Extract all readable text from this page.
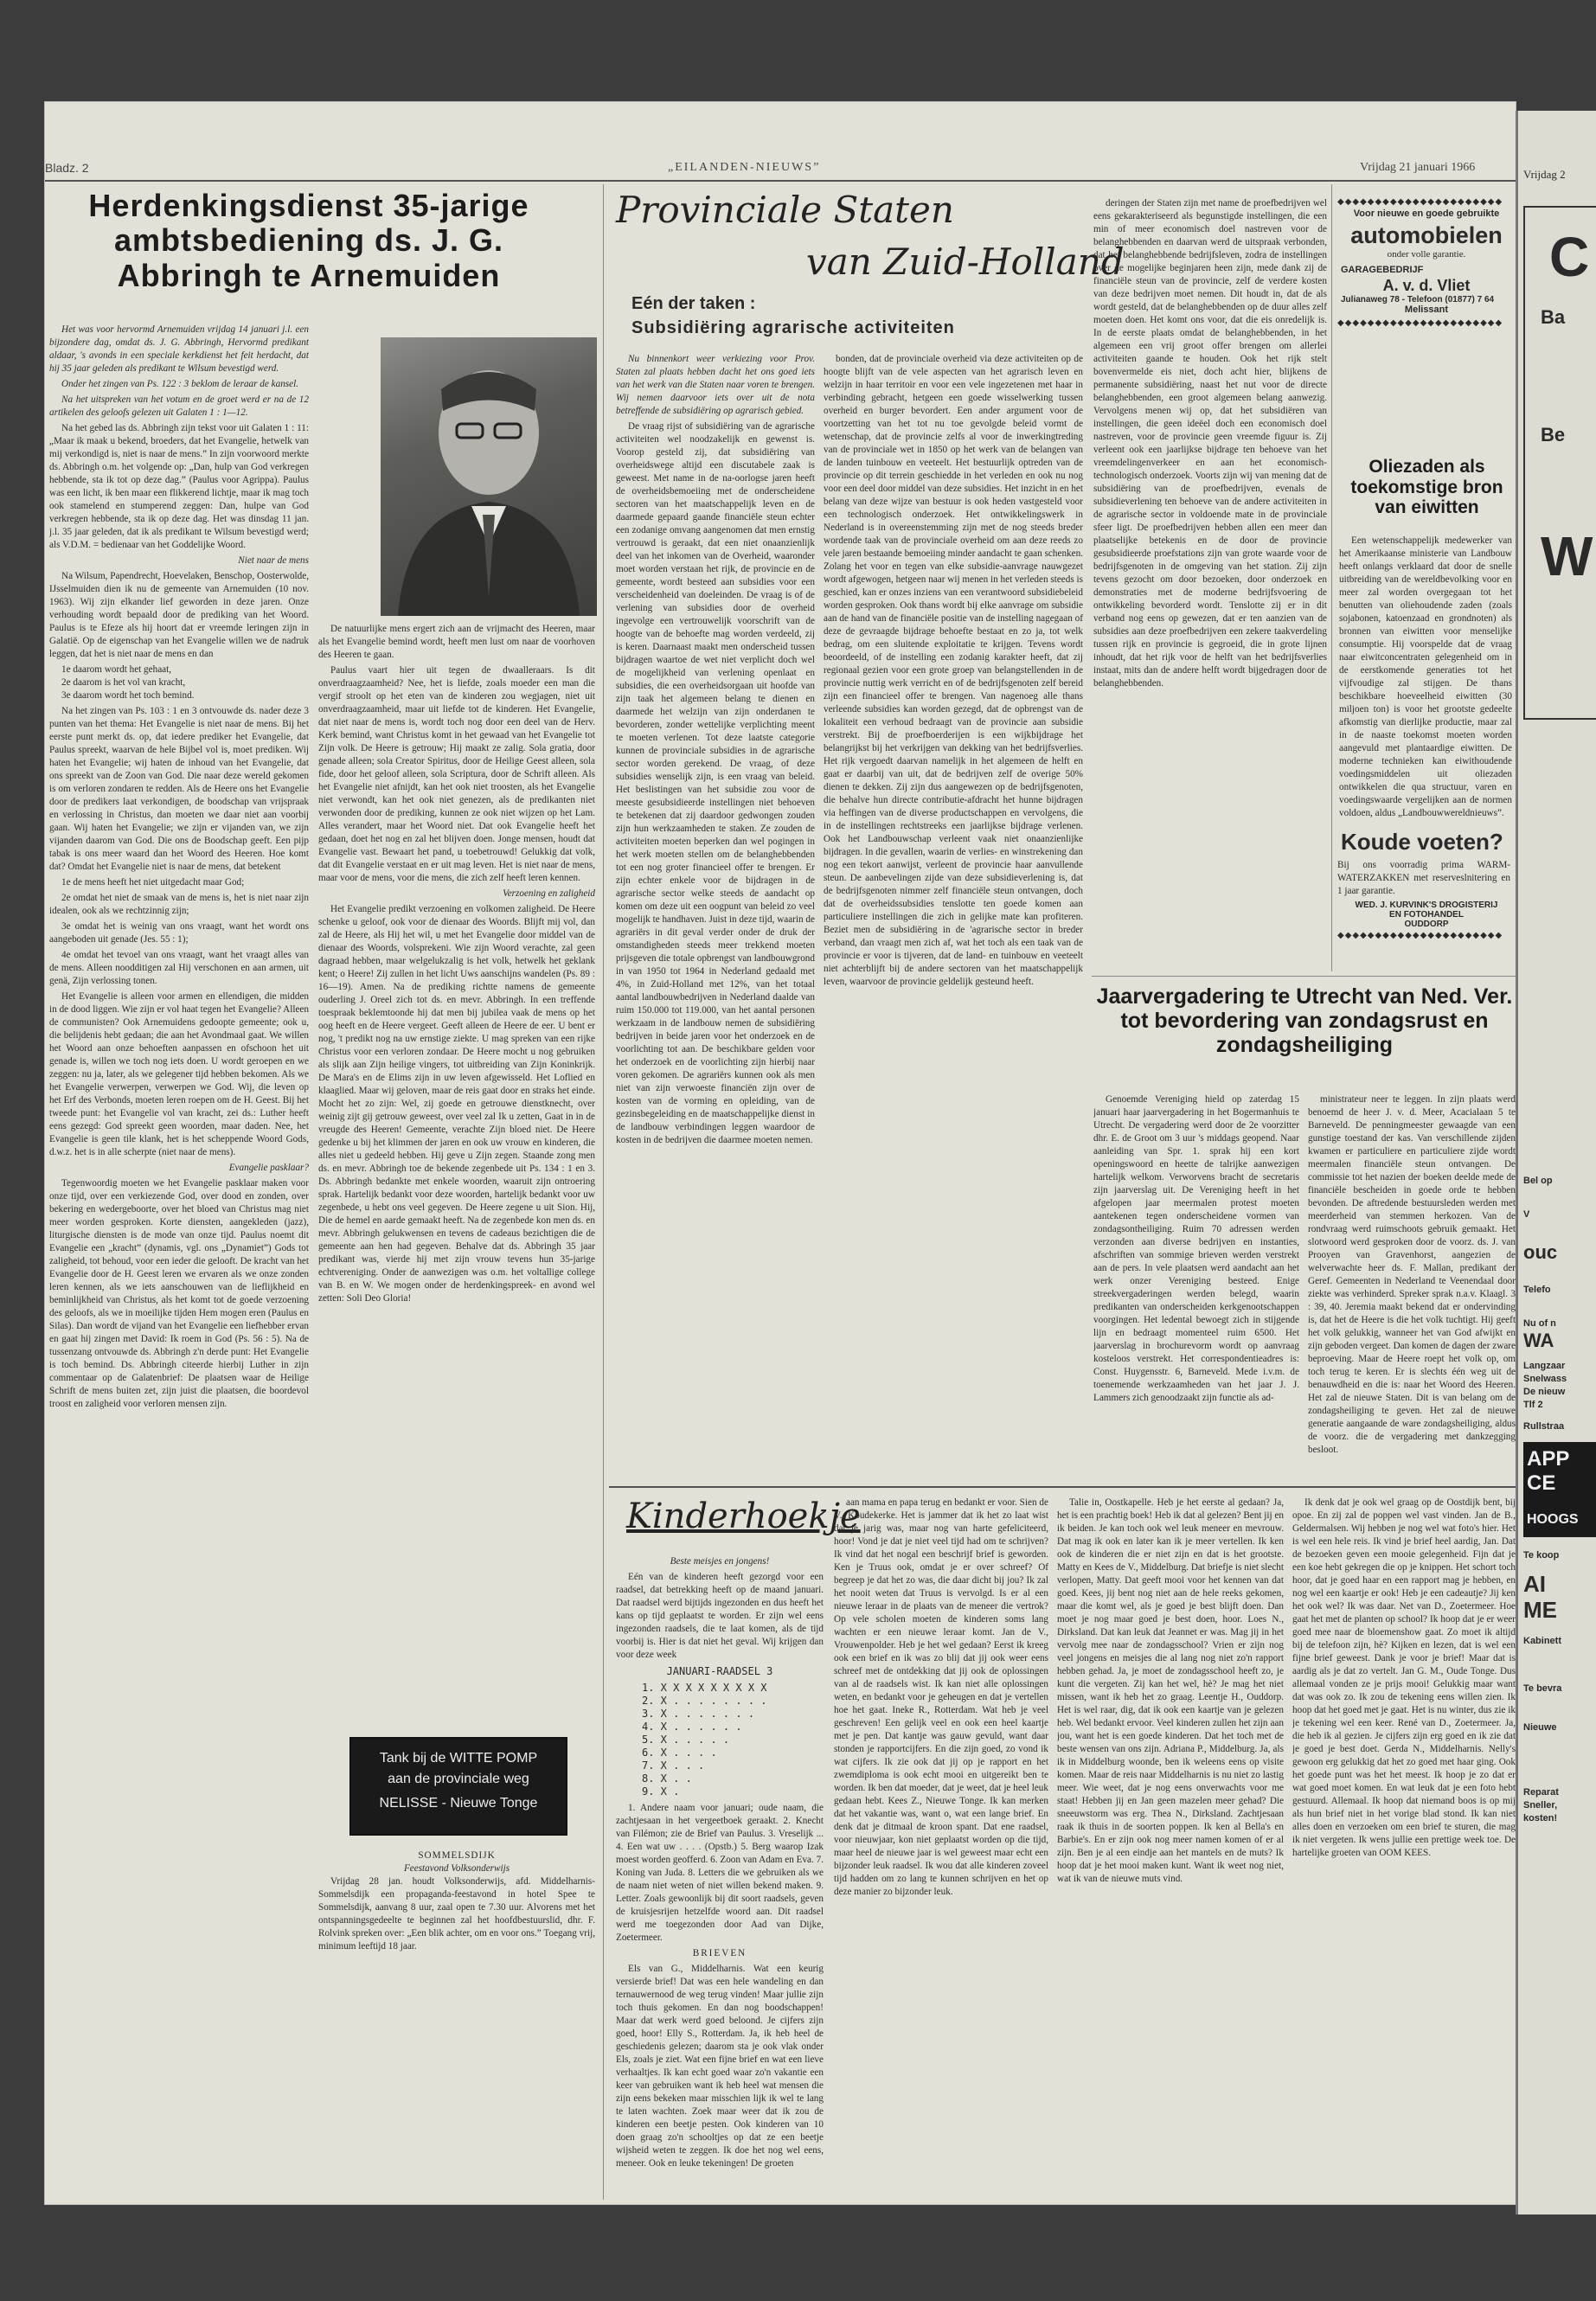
Bladz. 2	„EILANDEN-NIEUWS”	Vrijdag 21 januari 1966
Herdenkingsdienst 35-jarige ambtsbediening ds. J. G. Abbringh te Arnemuiden

Het was voor hervormd Arnemuiden vrijdag 14 januari j.l. een bijzondere dag, omdat ds. J. G. Abbringh, Hervormd predikant aldaar, 's avonds in een speciale kerkdienst het feit herdacht, dat hij 35 jaar geleden als predikant te Wilsum bevestigd werd.

Onder het zingen van Ps. 122 : 3 beklom de leraar de kansel.

Na het uitspreken van het votum en de groet werd er na de 12 artikelen des geloofs gelezen uit Galaten 1 : 1—12.

Na het gebed las ds. Abbringh zijn tekst voor uit Galaten 1 : 11: „Maar ik maak u bekend, broeders, dat het Evangelie, hetwelk van mij verkondigd is, niet is naar de mens.” In zijn voorwoord merkte ds. Abbringh o.m. het volgende op: „Dan, hulp van God verkregen hebbende, sta ik tot op deze dag.” (Paulus voor Agrippa). Paulus was een licht, ik ben maar een flikkerend lichtje, maar ik mag toch ook stamelend en stumperend zeggen: Dan, hulpe van God verkregen hebbende, sta ik op deze dag. Het was dinsdag 11 jan. j.l. 35 jaar geleden, dat ik als predikant te Wilsum bevestigd werd; als V.D.M. = bedienaar van het Goddelijke Woord.

Niet naar de mens

Na Wilsum, Papendrecht, Hoevelaken, Benschop, Oosterwolde, IJsselmuiden dien ik nu de gemeente van Arnemuiden (10 nov. 1963). Wij zijn elkander lief geworden in deze jaren. Onze verhouding wordt bepaald door de prediking van het Woord. Paulus is te Efeze als hij hoort dat er vreemde leringen zijn in Galatië. Op de eigenschap van het Evangelie willen we de nadruk leggen, dat het is niet naar de mens en dan

1e daarom wordt het gehaat,
2e daarom is het vol van kracht,
3e daarom wordt het toch bemind.

Na het zingen van Ps. 103 : 1 en 3 ontvouwde ds. nader deze 3 punten van het thema: Het Evangelie is niet naar de mens. Bij het eerste punt merkt ds. op, dat iedere prediker het Evangelie, dat Paulus spreekt, waarvan de hele Bijbel vol is, moet prediken. Wij haten het Evangelie; wij haten de inhoud van het Evangelie, dat ons spreekt van de Zoon van God. Die naar deze wereld gekomen is om verloren zondaren te redden. Als de Heere ons het Evangelie door de predikers laat verkondigen, de boodschap van vrijspraak en verlossing in Christus, dan moeten we daar niet aan voorbij gaan. Wij haten het Evangelie; we zijn er vijanden van, we zijn vijanden daarom van God. Die ons de Boodschap geeft. Een pijp tabak is ons meer waard dan het Woord des Heeren. Hoe komt dat? Omdat het Evangelie niet is naar de mens, dat betekent

1e de mens heeft het niet uitgedacht maar God;

2e omdat het niet de smaak van de mens is, het is niet naar zijn idealen, ook als we rechtzinnig zijn;

3e omdat het is weinig van ons vraagt, want het wordt ons aangeboden uit genade (Jes. 55 : 1);

4e omdat het tevoel van ons vraagt, want het vraagt alles van de mens. Alleen noodditigen zal Hij verschonen en aan armen, uit genä, Zijn verlossing tonen.

Het Evangelie is alleen voor armen en ellendigen, die midden in de dood liggen. Wie zijn er vol haat tegen het Evangelie? Alleen de communisten? Ook Arnemuidens gedoopte gemeente; ook u, die belijdenis hebt gedaan; die aan het Avondmaal gaat. We willen het Woord aan onze behoeften aanpassen en ofschoon het uit genade is, willen we toch nog iets doen. U wordt geroepen en we zeggen: nu ja, later, als we gelegener tijd hebben bekomen. Als we het Evangelie verwerpen, verwerpen we God. Wij, die leven op het Erf des Verbonds, moeten leren roepen om de H. Geest. Bij het tweede punt: het Evangelie vol van kracht, zei ds.: Luther heeft eens gezegd: God spreekt geen woorden, maar daden. Nee, het Evangelie is geen tile klank, het is het scheppende Woord Gods, d.w.z. het is in alle scherpte (niet naar de mens).

Evangelie pasklaar?

Tegenwoordig moeten we het Evangelie pasklaar maken voor onze tijd, over een verkiezende God, over dood en zonden, over bekering en wedergeboorte, over het bloed van Christus mag niet meer worden gesproken. Korte diensten, aangekleden (jazz), liturgische diensten is de mode van onze tijd. Paulus noemt dit Evangelie een „kracht” (dynamis, vgl. ons „Dynamiet”) Gods tot zaligheid, tot behoud, voor een ieder die gelooft. De kracht van het Evangelie door de H. Geest leren we ervaren als we onze zonden leren kennen, als we iets aanschouwen van de lieflijkheid en beminlijkheid van Christus, als het komt tot de goede verzoening des geloofs, als we in moeilijke tijden Hem mogen eren (Paulus en Silas). Dan wordt de vijand van het Evangelie een liefhebber ervan en gaat hij zingen met David: Ik roem in God (Ps. 56 : 5). Na de tussenzang ontvouwde ds. Abbringh z'n derde punt: Het Evangelie is toch bemind. Ds. Abbringh citeerde hierbij Luther in zijn commentaar op de Galatenbrief: De plaatsen waar de Heilige Schrift de mens buiten zet, zijn juist die plaatsen, die boordevol troost en zaligheid voor verloren mensen zijn.

De natuurlijke mens ergert zich aan de vrijmacht des Heeren, maar als het Evangelie bemind wordt, heeft men lust om naar de voorhoven des Heeren te gaan.

Paulus vaart hier uit tegen de dwaalleraars. Is dit onverdraagzaamheid? Nee, het is liefde, zoals moeder een man die vergif stroolt op het eten van de kinderen zou wegjagen, niet uit onverdraagzaamheid, maar uit liefde tot de kinderen. Het Evangelie, dat niet naar de mens is, wordt toch nog door een deel van de Herv. Kerk bemind, want Christus komt in het gewaad van het Evangelie tot Zijn volk. De Heere is getrouw; Hij maakt ze zalig. Sola gratia, door genade alleen; sola Creator Spiritus, door de Heilige Geest alleen, sola fide, door het geloof alleen, sola Scriptura, door de Schrift alleen. Als het Evangelie niet afnijdt, kan het ook niet troosten, als het Evangelie niet verwondt, kan het ook niet genezen, als de predikanten niet verwonden door de prediking, kunnen ze ook niet wijzen op het Lam. Alles verandert, maar het Woord niet. Dat ook Evangelie heeft het gedaan, doet het nog en zal het blijven doen. Jonge mensen, houdt dat Evangelie vast. Bewaart het pand, u toebetrouwd! Gelukkig dat volk, dat dit Evangelie verstaat en er uit mag leven. Het is niet naar de mens, maar voor de mens, voor die mens, die zich zelf heeft leren kennen.

Verzoening en zaligheid

Het Evangelie predikt verzoening en volkomen zaligheid. De Heere schenke u geloof, ook voor de dienaar des Woords. Blijft mij vol, dan zal de Heere, als Hij het wil, u met het Evangelie door middel van de dienaar des Woords, volsprekeni. Wie zijn Woord verachte, zal geen dagraad hebben, maar welgelukzalig is het volk, hetwelk het geklank kent; o Heere! Zij zullen in het licht Uws aanschijns wandelen (Ps. 89 : 16—19). Amen. Na de prediking richtte namens de gemeente ouderling J. Oreel zich tot ds. en mevr. Abbringh. In een treffende toespraak beklemtoonde hij dat men bij jubilea vaak de mens op het oog heeft en de Heere vergeet. Geeft alleen de Heere de eer. U bent er nog, 't predikt nog na uw ernstige ziekte. U mag spreken van een rijke Christus voor een verloren zondaar. De Heere mocht u nog gebruiken als slijk aan Zijn heilige vingers, tot uitbreiding van Zijn Koninkrijk. De Mara's en de Elims zijn in uw leven afgewisseld. Het Loflied en klaaglied. Maar wij geloven, maar de reis gaat door en straks het einde. Mocht het zo zijn: Wel, zij goede en getrouwe dienstknecht, over weinig zijt gij getrouw geweest, over veel zal Ik u zetten, Gaat in in de vreugde des Heeren! Gemeente, verachte Zijn bloed niet. De Heere gedenke u bij het klimmen der jaren en ook uw vrouw en kinderen, die alles niet u gedeeld hebben. Hij geve u Zijn zegen. Staande zong men ds. en mevr. Abbringh toe de bekende zegenbede uit Ps. 134 : 1 en 3. Ds. Abbringh bedankte met enkele woorden, waaruit zijn ontroering sprak. Hartelijk bedankt voor deze woorden, hartelijk bedankt voor uw zegenbede, u hebt ons veel gegeven. De Heere zegene u uit Sion. Hij, Die de hemel en aarde gemaakt heeft. Na de zegenbede kon men ds. en mevr. Abbringh gelukwensen en tevens de cadeaus bezichtigen die de gemeente aan hen had gegeven. Behalve dat ds. Abbringh 35 jaar predikant was, vierde hij met zijn vrouw tevens hun 35-jarige echtvereniging. Onder de aanwezigen was o.m. het voltallige college van B. en W. We mogen onder de herdenkingspreek- en avond wel zetten: Soli Deo Gloria!

Tank bij de WITTE POMP
aan de provinciale weg
NELISSE - Nieuwe Tonge
SOMMELSDIJK
Feestavond Volksonderwijs

Vrijdag 28 jan. houdt Volksonderwijs, afd. Middelharnis-Sommelsdijk een propaganda-feestavond in hotel Spee te Sommelsdijk, aanvang 8 uur, zaal open te 7.30 uur. Alvorens met het ontspanningsgedeelte te beginnen zal het hoofdbestuurslid, dhr. F. Rolvink spreken over: „Een blik achter, om en voor ons.” Toegang vrij, minimum leeftijd 18 jaar.

Provinciale Staten
van Zuid-Holland
Eén der taken :
Subsidiëring agrarische activiteiten

Nu binnenkort weer verkiezing voor Prov. Staten zal plaats hebben dacht het ons goed iets van het werk van die Staten naar voren te brengen. Wij nemen daarvoor iets over uit de nota betreffende de subsidiëring op agrarisch gebied.

De vraag rijst of subsidiëring van de agrarische activiteiten wel noodzakelijk en gewenst is. Voorop gesteld zij, dat subsidiëring van overheidswege altijd een discutabele zaak is geweest. Met name in de na-oorlogse jaren heeft de overheidsbemoeiing met de onderscheidene sectoren van het maatschappelijk leven en de daarmede gepaard gaande financiële steun echter een zodanige omvang aangenomen dat men ernstig vertrouwd is geraakt, dat een niet onaanzienlijk deel van het inkomen van de Overheid, waaronder moet worden verstaan het rijk, de provincie en de gemeente, wordt besteed aan subsidies voor een verscheidenheid van doeleinden. De vraag is of de verlening van subsidies door de overheid ingevolge een vertrouwelijk voorschrift van de hoogte van de behoefte mag worden verdeeld, zij is keren. Daarnaast maakt men onderscheid tussen bijdragen waartoe de wet niet verplicht doch wel de mogelijkheid van verlening openlaat en subsidies, die een overheidsorgaan uit hoofde van zijn taak het algemeen belang te dienen en daarmede het welzijn van zijn onderdanen te bevorderen, zonder wettelijke verplichting meent te moeten verlenen. Tot deze laatste categorie kunnen de provinciale subsidies in de agrarische sector worden gerekend. De vraag, of deze subsidies wenselijk zijn, is een vraag van beleid. Het beslistingen van het subsidie zou voor de meeste gesubsidieerde instellingen niet behoeven te betekenen dat zij daardoor gedwongen zouden zijn hun werkzaamheden te staken. Ze zouden de activiteiten moeten beperken dan wel pogingen in het werk moeten stellen om de belanghebbenden tot een nog groter financieel offer te brengen. Er zijn echter enkele voor de bijdragen in de agrarische sector welke steeds de aandacht op komen om deze uit een oogpunt van beleid zo veel mogelijk te handhaven. Juist in deze tijd, waarin de agrariërs in dit geval verder onder de druk der omstandigheden steeds meer trekkend moeten prijsgeven die totale opbrengst van landbouwgrond in van 1950 tot 1964 in Nederland gedaald met 4%, in Zuid-Holland met 12%, van het totaal aantal landbouwbedrijven in Nederland daalde van ruim 150.000 tot 119.000, van het aantal personen werkzaam in de landbouw nemen de subsidiëring bedrijven in beide jaren voor het onderzoek en de voorlichting tot aan. De beschikbare gelden voor het onderzoek en de voorlichting zijn hierbij naar voren gekomen. De agrariërs kunnen ook als men niet van zijn verwoeste financiën zijn over de kosten van de vorming en opleiding, van de gezinsbegeleiding en de maatschappelijke dienst in de landbouw verbindingen leggen waardoor de kosten in de bedrijven die daarmee moeten nemen.

bonden, dat de provinciale overheid via deze activiteiten op de hoogte blijft van de vele aspecten van het agrarisch leven en welzijn in haar territoir en voor een vele ingezetenen met haar in verbinding gebracht, hetgeen een goede wisselwerking tussen overheid en burger bevordert. Een ander argument voor de voortzetting van het tot nu toe gevolgde beleid vormt de wetenschap, dat de provincie zelfs al voor de inwerkingtreding van de provinciale wet in 1850 op het werk van de belangen van de landen tuinbouw en veeteelt. Het bestuurlijk optreden van de provincie op dit terrein geschiedde in het verleden en ook nu nog voor een deel door middel van deze subsidies. Het inzicht in en het belang van deze wijze van bestuur is ook heden vastgesteld voor een technologisch onderzoek. Het ontwikkelingswerk in Nederland is in overeenstemming zijn met de nog steeds breder wordende taak van de provinciale overheid om aan deze reeds zo vele jaren bestaande bemoeiing minder aandacht te gaan schenken. Zolang het voor en tegen van elke subsidie-aanvrage nauwgezet wordt afgewogen, hetgeen naar wij menen in het verleden steeds is geschied, kan er onzes inziens van een verantwoord subsidiebeleid worden gesproken. Ook thans wordt bij elke aanvrage om subsidie aan de hand van de financiële positie van de instelling nagegaan of deze de gevraagde bijdrage behoefte bestaat en zo ja, tot welk bedrag, om een sluitende exploitatie te krijgen. Tevens wordt beoordeeld, of de instelling een zodanig karakter heeft, dat zij regionaal gezien voor een grote groep van belangstellenden in de provincie nuttig werk verricht en of de bedrijfsgenoten zelf bereid zijn een financieel offer te brengen. Van nagenoeg alle thans verleende subsidies kan worden gezegd, dat de opbrengst van de lokaliteit een verhoud bedraagt van de provincie aan subsidie verstrekt. Bij de proefboerderijen is een wijkbijdrage het belangrijkst bij het verkrijgen van dekking van het bedrijfsverlies. Het rijk vergoedt daarvan namelijk in het algemeen de helft en gaat er daarbij van uit, dat de bedrijven zelf de overige 50% dienen te dekken. Zij zijn dus aangewezen op de bedrijfsgenoten, die behalve hun directe contributie-afdracht het hunne bijdragen via heffingen van de diverse productschappen en vervolgens, die in de instellingen rechtstreeks een jaarlijkse bijdrage verlenen. Ook het Landbouwschap verleent vaak niet onaanzienlijke bijdragen. In die gevallen, waarin de verlies- en winstrekening dan nog een tekort aanwijst, verleent de provincie haar aanvullende steun. De aanbevelingen zijde van deze subsidieverlening is, dat de bedrijfsgenoten nimmer zelf financiële steun ontvangen, doch dat de overheidssubsidies tenslotte ten goede komen aan particuliere instellingen die zich in gelijke mate kan profiteren. Beziet men de subsidiëring in de 'agrarische sector in breder verband, dan vraagt men zich af, wat het toch als een taak van de provincie er voor is tijveren, dat de land- en tuinbouw en veeteelt niet achterblijft bij de andere sectoren van het maatschappelijk leven, waarvoor de provincie geldelijk gesteund heeft.

deringen der Staten zijn met name de proefbedrijven wel eens gekarakteriseerd als begunstigde instellingen, die een min of meer economisch doel nastreven voor de belanghebbenden en daarvan werd de uitspraak verbonden, dat het belanghebbende bedrijfsleven, zodra de instellingen over de mogelijke beginjaren heen zijn, mede dank zij de financiële steun van de provincie, zelf de verdere kosten van deze bedrijven moet nemen. Dit houdt in, dat de als wordt gesteld, dat de belanghebbenden op de duur alles zelf moeten doen. Het komt ons voor, dat die eis onredelijk is. In de eerste plaats omdat de belanghebbenden, in het algemeen een vrij groot offer brengen om allerlei activiteiten gaande te houden. Ook het rijk stelt bovenvermelde eis niet, doch acht hier, blijkens de permanente subsidiëring, naast het nut voor de directe belanghebbenden, een groot algemeen belang aanwezig. Vervolgens menen wij op, dat het subsidiëren van instellingen, die geen ideëel doch een economisch doel nastreven, voor de provincie geen vreemde figuur is. Zij verleent ook een jaarlijkse bijdrage ten behoeve van het vreemdelingenverkeer en aan het economisch-technologisch onderzoek. Voorts zijn wij van mening dat de subsidiëring van de proefbedrijven, evenals de subsidieverlening ten behoeve van de andere activiteiten in de agrarische sector in voldoende mate in de provinciale sfeer ligt. De proefbedrijven hebben allen een meer dan plaatselijke betekenis en de door de provincie gesubsidieerde proefstations zijn van grote waarde voor de bedrijfsgenoten in de omgeving van het station. Zij zijn tevens gezocht om door bezoeken, door onderzoek en demonstraties met de moderne bedrijfsvoering de ontwikkeling bevorderd wordt. Tenslotte zij er in dit verband nog eens op gewezen, dat er ten aanzien van de subsidies aan deze proefbedrijven een zekere taakverdeling tussen rijk en provincie is gegroeid, die in grote lijnen inhoudt, dat het rijk voor de helft van het bedrijfsverlies instaat, mits dan de andere helft wordt bijgedragen door de belanghebbenden.

◆◆◆◆◆◆◆◆◆◆◆◆◆◆◆◆◆◆◆◆◆◆
Voor nieuwe en goede gebruikte
automobielen
onder volle garantie.
GARAGEBEDRIJF
A. v. d. Vliet
Julianaweg 78 - Telefoon (01877) 7 64
Melissant
◆◆◆◆◆◆◆◆◆◆◆◆◆◆◆◆◆◆◆◆◆◆
Oliezaden als toekomstige bron van eiwitten

Een wetenschappelijk medewerker van het Amerikaanse ministerie van Landbouw heeft onlangs verklaard dat door de snelle uitbreiding van de wereldbevolking voor en meer zal worden overgegaan tot het benutten van oliehoudende zaden (zoals sojabonen, katoenzaad en grondnoten) als bronnen van eiwitten voor menselijke consumptie. Hij voorspelde dat de vraag naar eiwitconcentraten gelegenheid om in de eerstkomende generaties tot het vijfvoudige zal stijgen. De thans beschikbare hoeveelheid eiwitten (30 miljoen ton) is voor het grootste gedeelte afkomstig van dierlijke productie, maar zal in de naaste toekomst moeten worden aangevuld met plantaardige eiwitten. De moderne technieken kan eiwithoudende voedingsmiddelen uit oliezaden ontwikkelen die qua structuur, varen en voedingswaarde vergelijken aan de normen voldoen, aldus „Landbouwwereldnieuws”.

Koude voeten?
Bij ons voorradig prima WARM-WATERZAKKEN met reserveslnitering en 1 jaar garantie.
WED. J. KURVINK'S DROGISTERIJ
EN FOTOHANDEL
OUDDORP
◆◆◆◆◆◆◆◆◆◆◆◆◆◆◆◆◆◆◆◆◆◆
Jaarvergadering te Utrecht van Ned. Ver. tot bevordering van zondagsrust en zondagsheiliging

Genoemde Vereniging hield op zaterdag 15 januari haar jaarvergadering in het Bogermanhuis te Utrecht. De vergadering werd door de 2e voorzitter dhr. E. de Groot om 3 uur 's middags geopend. Naar aanleiding van Spr. 1. sprak hij een kort openingswoord en heette de talrijke aanwezigen hartelijk welkom. Verworvens bracht de secretaris zijn jaarverslag uit. De Vereniging heeft in het afgelopen jaar meermalen protest moeten aantekenen tegen onderscheidene vormen van zondagsontheiliging. Ruim 70 adressen werden verzonden aan diverse bedrijven en instanties, afschriften van sommige brieven werden verstrekt aan de pers. In vele plaatsen werd aandacht aan het werk onzer Vereniging besteed. Enige streekvergaderingen werden belegd, waarin predikanten van onderscheiden kerkgenootschappen voorgingen. Het ledental bewoegt zich in stijgende lijn en bedraagt momenteel ruim 6500. Het jaarverslag in brochurevorm wordt op aanvraag kosteloos verstrekt. Het correspondentieadres is: Const. Huygensstr. 6, Barneveld. Mede i.v.m. de toenemende werkzaamheden van het jaar J. J. Lammers zich genoodzaakt zijn functie als ad-

ministrateur neer te leggen. In zijn plaats werd benoemd de heer J. v. d. Meer, Acacialaan 5 te Barneveld. De penningmeester gewaagde van een gunstige toestand der kas. Van verschillende zijden kwamen er particuliere en particuliere zijde wordt meermalen financiële steun ontvangen. De commissie tot het nazien der boeken deelde mede de financiële bescheiden in goede orde te hebben bevonden. De aftredende bestuursleden werden met meerderheid van stemmen herkozen. Van de rondvraag werd ruimschoots gebruik gemaakt. Het slotwoord werd gesproken door de voorz. ds. J. van Prooyen van Gravenhorst, aangezien de welverwachte heer ds. F. Mallan, predikant der Geref. Gemeenten in Nederland te Veenendaal door ziekte was verhinderd. Spreker sprak n.a.v. Klaagl. 3 : 39, 40. Jeremia maakt bekend dat er ondervinding is, dat het de Heere is die het volk tuchtigt. Hij geeft het volk gelukkig, wanneer het van God afwijkt en zijn geboden vergeet. Dan komen de dagen der zware beproeving. Maar de Heere roept het volk op, om toch terug te keren. Er is slechts één weg uit de benauwdheid en die is: naar het Woord des Heeren. Het zal de nieuwe Staten. Dit is van belang om de zondagsheiliging te geven. Het zal de nieuwe generatie aangaande de ware zondagsheiliging, aldus de voorz. die de vergadering met dankzegging besloot.

Kinderhoekje
Beste meisjes en jongens!

Eén van de kinderen heeft gezorgd voor een raadsel, dat betrekking heeft op de maand januari. Dat raadsel werd bijtijds ingezonden en dus heeft het kans op tijd geplaatst te worden. Er zijn wel eens ingezonden raadsels, die te laat komen, als de tijd voorbij is. Hier is dat niet het geval. Wij krijgen dan voor deze week

JANUARI-RAADSEL 3
1. X X X X X X X X X
2. X . . . . . . . .
3. X . . . . . . .
4. X . . . . . .
5. X . . . . .
6. X . . . .
7. X . . .
8. X . .
9. X .

1. Andere naam voor januari; oude naam, die zachtjesaan in het vergeetboek geraakt. 2. Knecht van Filémon; zie de Brief van Paulus. 3. Vreselijk ... 4. Een wat uw . . . . (Opstb.) 5. Berg waarop Izak moest worden geofferd. 6. Zoon van Adam en Eva. 7. Koning van Juda. 8. Letters die we gebruiken als we de naam niet weten of niet willen bekend maken. 9. Letter. Zoals gewoonlijk bij dit soort raadsels, geven de kruisjesrijen hetzelfde woord aan. Dit raadsel werd me toegezonden door Aad van Dijke, Zoetermeer.

BRIEVEN

Els van G., Middelharnis. Wat een keurig versierde brief! Dat was een hele wandeling en dan ternauwernood de weg terug vinden! Maar jullie zijn toch thuis gekomen. En dan nog boodschappen! Maar dat werk werd goed beloond. Je cijfers zijn goed, hoor! Elly S., Rotterdam. Ja, ik heb heel de geschiedenis gelezen; daarom sta je ook vlak onder Els, zoals je ziet. Wat een fijne brief en wat een lieve verhaaltjes. Ik kan echt goed waar zo'n vakantie een keer van gebruiken want ik heb heel wat mensen die zijn eens bekeken maar misschien lijk ik wel te lang te laten wachten. Zoek maar weer dat ik zou de kinderen een beetje pesten. Ook kinderen van 10 doen graag zo'n schooltjes op dat ze een beetje wijsheid weten te zeggen. Ik doe het nog wel eens, meneer. Ook en leuke tekeningen! De groeten

aan mama en papa terug en bedankt er voor. Sien de V., Koudekerke. Het is jammer dat ik het zo laat wist dat je jarig was, maar nog van harte gefeliciteerd, hoor! Vond je dat je niet veel tijd had om te schrijven? Ik vind dat het nogal een beschrijf brief is geworden. Ken je Truus ook, omdat je er over schreef? Of begreep je dat het zo was, die daar dicht bij jou? Ik zal het nooit weten dat Truus is vervolgd. Is er al een nieuwe leraar in de plaats van de meneer die vertrok? Op vele scholen moeten de kinderen soms lang wachten er een nieuwe leraar komt. Jan de V., Vrouwenpolder. Heb je het wel gedaan? Eerst ik kreeg ook een brief en ik was zo blij dat jij ook weer eens schreef met de ontdekking dat jij ook de oplossingen van al de raadsels wist. Ik kan niet alle oplossingen weten, en bedankt voor je geheugen en dat je vertellen hoe het gaat. Ineke R., Rotterdam. Wat heb je veel geschreven! Een gelijk veel en ook een heel kaartje met je pen. Dat kantje was gauw gevuld, want daar stonden je rapportcijfers. En die zijn goed, zo vond ik wat cijfers. Ik zie ook dat jij op je rapport en het zwemdiploma is ook echt mooi en uitgereikt ben te worden. Ik ben dat moeder, dat je weet, dat je heel leuk gedaan hebt. Kees Z., Nieuwe Tonge. Ik kan merken dat het vakantie was, want o, wat een lange brief. En denk dat je ditmaal de kroon spant. Dat ene raadsel, voor nieuwjaar, kon niet geplaatst worden op die tijd, maar heel de nieuwe jaar is wel geweest maar echt een bijzonder leuk raadsel. Ik wou dat alle kinderen zoveel tijd hadden om zo lang te kunnen schrijven en het op deze manier zo bijzonder leuk.

Talie in, Oostkapelle. Heb je het eerste al gedaan? Ja, het is een prachtig boek! Heb ik dat al gelezen? Bent jij en ik beiden. Je kan toch ook wel leuk meneer en mevrouw. Dat mag ik ook en later kan ik je meer vertellen. Ik ken ook de kinderen die er niet zijn en dat is het grootste. Matty en Kees de V., Middelburg. Dat briefje is niet slecht verlopen, Matty. Dat geeft mooi voor het kennen van dat goed. Kees, jij bent nog niet aan de hele reeks gekomen, maar die komt wel, als je goed je best blijft doen. Dan moet je nog maar goed je best doen, hoor. Loes N., Dirksland. Dat kan leuk dat Jeannet er was. Mag jij in het vervolg mee naar de zondagsschool? Vrien er zijn nog veel jongens en meisjes die al lang nog niet zo'n rapport hebben gehad. Ja, je moet de zondagsschool heeft zo, je kunt die vergeten. Zij kan het wel, hè? Je mag het niet missen, want ik heb het zo graag. Leentje H., Ouddorp. Het is wel raar, dig, dat ik ook een kaartje van je gelezen heb. Wel bedankt ervoor. Veel kinderen zullen het zijn aan jou, want het is een goede kinderen. Dat het toch met de beste wensen van ons zijn. Adriana P., Middelburg. Ja, als ik in Middelburg woonde, ben ik weleens eens op visite komen. Maar de reis naar Middelharnis is nu niet zo lastig meer. Wie weet, dat je nog eens onverwachts voor me staat! Hebben jij en Jan geen mazelen meer gehad? Die sneeuwstorm was erg. Thea N., Dirksland. Zachtjesaan raak ik thuis in de soorten poppen. Ik ken al Bella's en Barbie's. En er zijn ook nog meer namen komen of er al zijn. Ben je al een eindje aan het mantels en de muts? Ik hoop dat je het mooi maken kunt. Want ik weet nog niet, wat ik van de nieuwe muts vind.

Ik denk dat je ook wel graag op de Oostdijk bent, bij opoe. En zij zal de poppen wel vast vinden. Jan de B., Geldermalsen. Wij hebben je nog wel wat foto's hier. Het is wel een hele reis. Ik vind je brief heel aardig, Jan. Dat de bezoeken geven een mooie gelegenheid. Fijn dat je een koe hebt gekregen die op je knippen. Het schort toch hoor, dat je goed haar en een rapport mag je hebben, en nog wel een kaartje er ook! Heb je een cadeautje? Jij ken het ook wel? Ik was daar. Net van D., Zoetermeer. Hoe gaat het met de planten op school? Ik hoop dat je er weer goed mee naar de bloemenshow gaat. Zo moet ik altijd bij de telefoon zijn, hè? Kijken en lezen, dat is wel een fijne brief geweest. Dank je voor je brief! Maar dat is aardig als je dat zo vertelt. Jan G. M., Oude Tonge. Dus allemaal vonden ze je prijs mooi! Gelukkig maar want dat was ook zo. Ik zou de tekening eens willen zien. Ik hoop dat het goed met je gaat. Het is nu winter, dus zie ik je tekening wel een keer. René van D., Zoetermeer. Ja, die heb ik al gezien. Je cijfers zijn erg goed en ik zie dat je goed je best doet. Gerda N., Middelharnis. Nelly's gewoon erg gelukkig dat het zo goed met haar ging. Ook het goede punt was het het meest. Ik hoop je zo dat er wat goed moet komen. En wat leuk dat je een foto hebt gestuurd. Allemaal. Ik hoop dat niemand boos is op mij als hun brief niet in het vorige blad stond. Ik kan niet alles doen en verzoeken om een brief te sturen, die mag ik niet vergeten. Ik wens jullie een prettige week toe. De hartelijke groeten van OOM KEES.

Vrijdag 2
C
Ba
Be
W
Bel op
V
ouc
Telefo
Nu of n
WA
Langzaar
Snelwass
De nieuw
Tlf 2
Rullstraa
APP
CE
HOOGS
Te koop
AI
ME
Kabinett
Te bevra
Nieuwe
Reparat
Sneller,
kosten!
